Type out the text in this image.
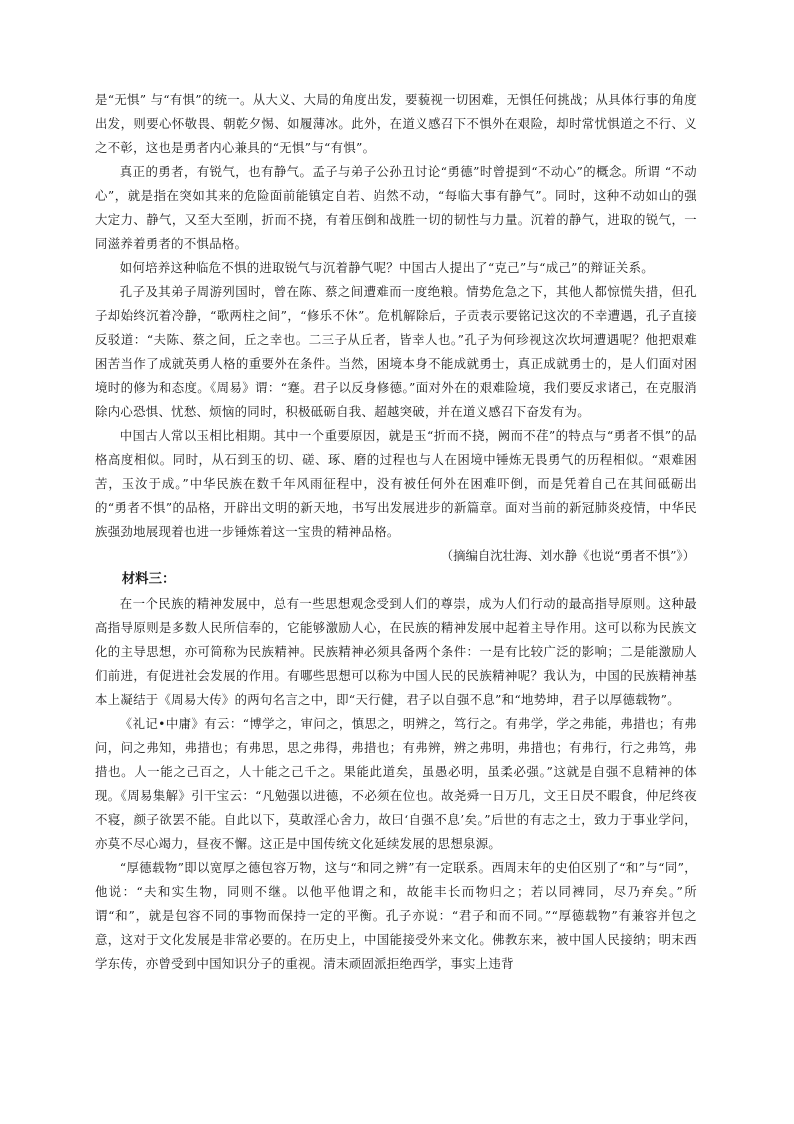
是“无惧” 与“有惧”的统一。从大义、大局的角度出发，要藐视一切困难，无惧任何挑战；从具体行事的角度出发，则要心怀敬畏、朝乾夕惕、如履薄冰。此外，在道义感召下不惧外在艰险，却时常忧惧道之不行、义之不彰，这也是勇者内心兼具的“无惧”与“有惧”。

真正的勇者，有锐气，也有静气。孟子与弟子公孙丑讨论“勇德”时曾提到“不动心”的概念。所谓 “不动心”，就是指在突如其来的危险面前能镇定自若、岿然不动，“每临大事有静气”。同时，这种不动如山的强大定力、静气，又至大至刚，折而不挠，有着压倒和战胜一切的韧性与力量。沉着的静气，进取的锐气，一同滋养着勇者的不惧品格。

如何培养这种临危不惧的进取锐气与沉着静气呢？中国古人提出了“克己”与“成己”的辩证关系。

孔子及其弟子周游列国时，曾在陈、蔡之间遭难而一度绝粮。情势危急之下，其他人都惊慌失措，但孔子却始终沉着冷静，“歌两柱之间”，“修乐不休”。危机解除后，子贡表示要铭记这次的不幸遭遇，孔子直接反驳道：“夫陈、蔡之间，丘之幸也。二三子从丘者，皆幸人也。”孔子为何珍视这次坎坷遭遇呢？他把艰难困苦当作了成就英勇人格的重要外在条件。当然，困境本身不能成就勇士，真正成就勇士的，是人们面对困境时的修为和态度。《周易》谓：“蹇。君子以反身修德。”面对外在的艰难险境，我们要反求诸己，在克服消除内心恐惧、忧愁、烦恼的同时，积极砥砺自我、超越突破，并在道义感召下奋发有为。

中国古人常以玉相比相期。其中一个重要原因，就是玉“折而不挠，阙而不荏”的特点与“勇者不惧”的品格高度相似。同时，从石到玉的切、磋、琢、磨的过程也与人在困境中锤炼无畏勇气的历程相似。“艰难困苦，玉汝于成。”中华民族在数千年风雨征程中，没有被任何外在困难吓倒，而是凭着自己在其间砥砺出的“勇者不惧”的品格，开辟出文明的新天地，书写出发展进步的新篇章。面对当前的新冠肺炎疫情，中华民族强劲地展现着也进一步锤炼着这一宝贵的精神品格。

（摘编自沈壮海、刘水静《也说“勇者不惧”》）

材料三：

在一个民族的精神发展中，总有一些思想观念受到人们的尊崇，成为人们行动的最高指导原则。这种最高指导原则是多数人民所信奉的，它能够激励人心，在民族的精神发展中起着主导作用。这可以称为民族文化的主导思想，亦可简称为民族精神。民族精神必须具备两个条件：一是有比较广泛的影响；二是能激励人们前进，有促进社会发展的作用。有哪些思想可以称为中国人民的民族精神呢？我认为，中国的民族精神基本上凝结于《周易大传》的两句名言之中，即“天行健，君子以自强不息”和“地势坤，君子以厚德载物”。

《礼记•中庸》有云：“博学之，审问之，慎思之，明辨之，笃行之。有弗学，学之弗能，弗措也；有弗问，问之弗知，弗措也；有弗思，思之弗得，弗措也；有弗辨，辨之弗明，弗措也；有弗行，行之弗笃，弗措也。人一能之己百之，人十能之己千之。果能此道矣，虽愚必明，虽柔必强。”这就是自强不息精神的体现。《周易集解》引干宝云：“凡勉强以进德，不必须在位也。故尧舜一日万几，文王日昃不暇食，仲尼终夜不寝，颜子欲罢不能。自此以下，莫敢淫心舍力，故曰‘自强不息’矣。”后世的有志之士，致力于事业学问，亦莫不尽心竭力，昼夜不懈。这正是中国传统文化延续发展的思想泉源。

“厚德载物”即以宽厚之德包容万物，这与“和同之辨”有一定联系。西周末年的史伯区别了“和”与“同”，他说：“夫和实生物，同则不继。以他平他谓之和，故能丰长而物归之；若以同裨同，尽乃弃矣。”所谓“和”，就是包容不同的事物而保持一定的平衡。孔子亦说：“君子和而不同。”“厚德载物”有兼容并包之意，这对于文化发展是非常必要的。在历史上，中国能接受外来文化。佛教东来，被中国人民接纳；明末西学东传，亦曾受到中国知识分子的重视。清末顽固派拒绝西学，事实上违背
